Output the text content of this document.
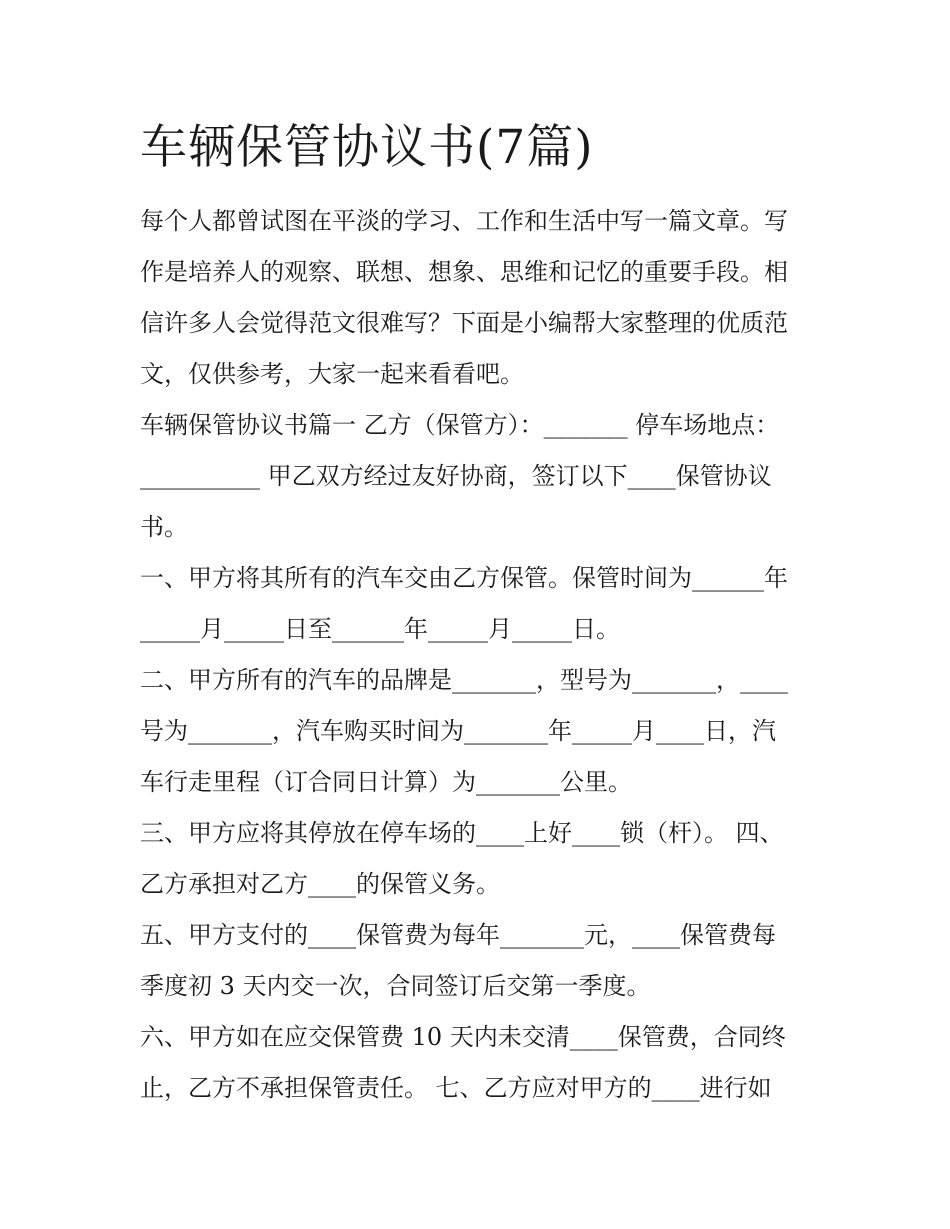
车辆保管协议书(7篇)
每个人都曾试图在平淡的学习、工作和生活中写一篇文章。写
作是培养人的观察、联想、想象、思维和记忆的重要手段。相
信许多人会觉得范文很难写？下面是小编帮大家整理的优质范
文，仅供参考，大家一起来看看吧。
车辆保管协议书篇一 乙方（保管方）：_______ 停车场地点：
__________ 甲乙双方经过友好协商，签订以下____保管协议
书。
一、甲方将其所有的汽车交由乙方保管。保管时间为______年
_____月_____日至______年_____月_____日。
二、甲方所有的汽车的品牌是_______，型号为_______，____
号为_______，汽车购买时间为_______年_____月____日，汽
车行走里程（订合同日计算）为_______公里。
三、甲方应将其停放在停车场的____上好____锁（杆）。 四、
乙方承担对乙方____的保管义务。
五、甲方支付的____保管费为每年_______元，____保管费每
季度初 3 天内交一次，合同签订后交第一季度。
六、甲方如在应交保管费 10 天内未交清____保管费，合同终
止，乙方不承担保管责任。 七、乙方应对甲方的____进行如
